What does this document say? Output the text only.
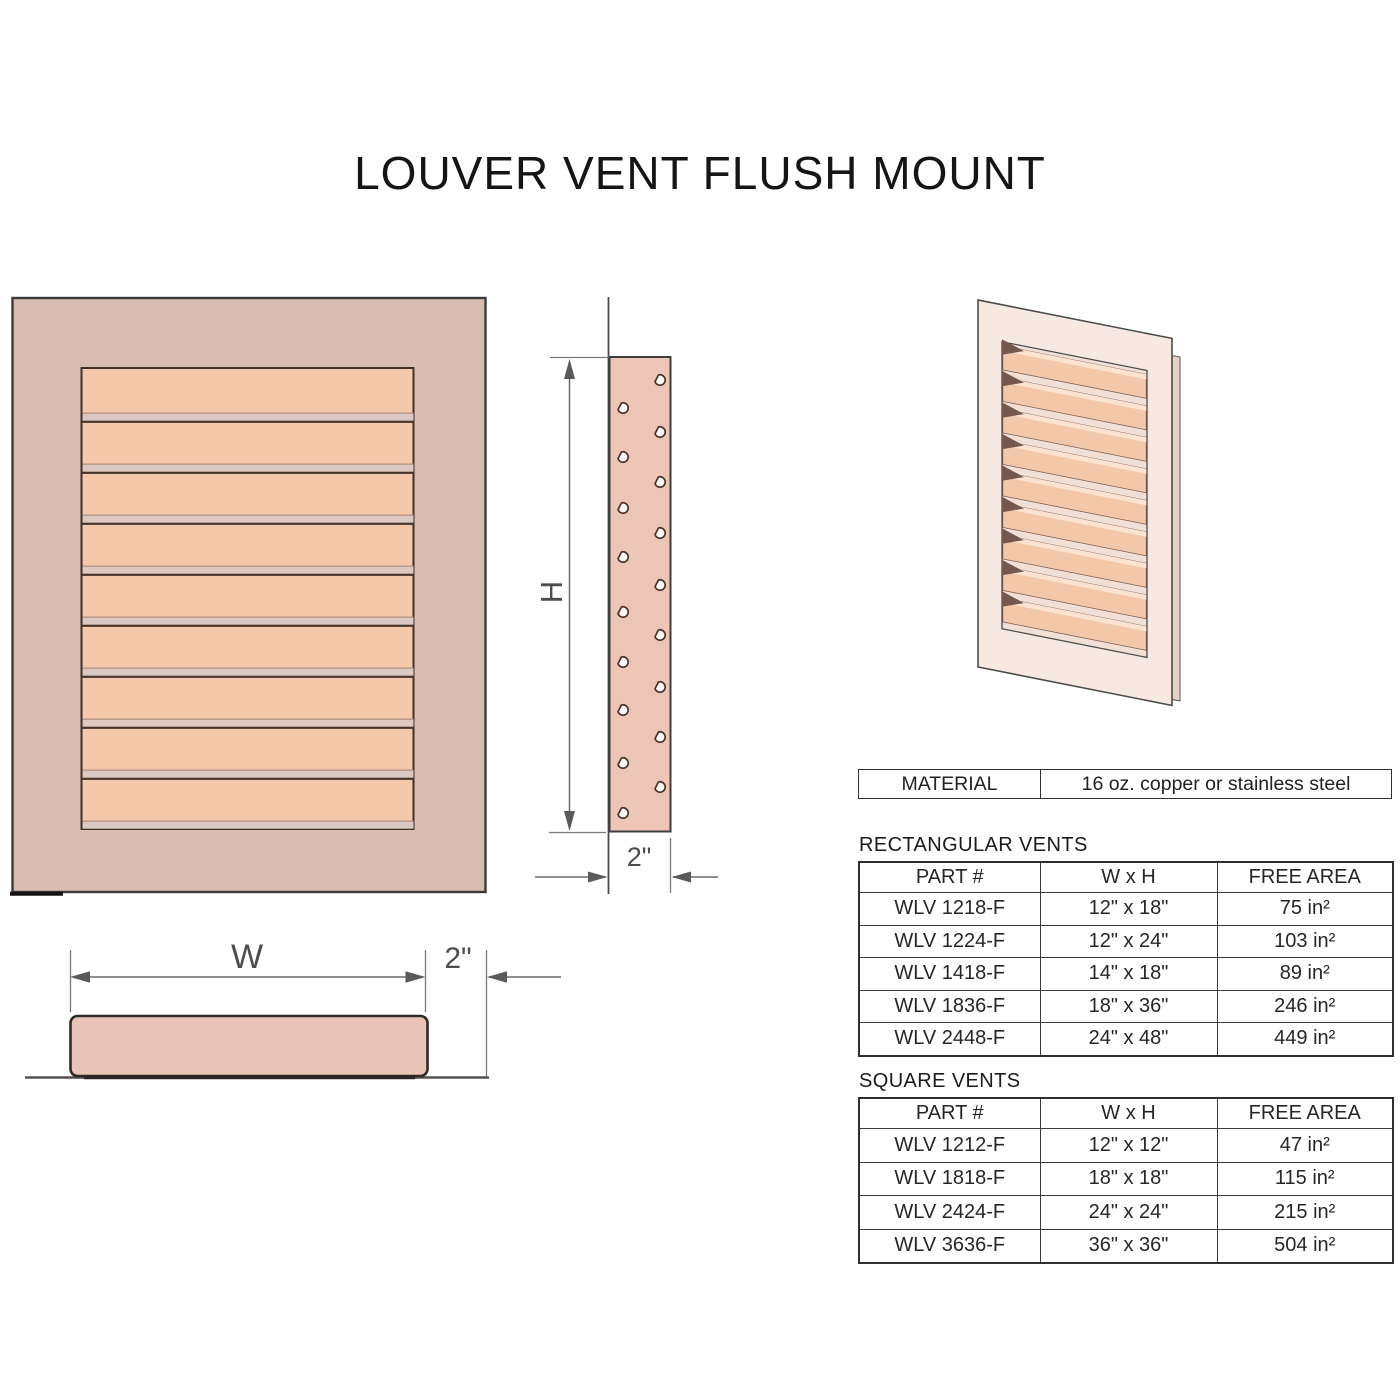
LOUVER VENT FLUSH MOUNT
H
2"
W	2"
MATERIAL	16 oz. copper or stainless steel
RECTANGULAR VENTS
PART #	W x H	FREE AREA
WLV 1218-F	12" x 18"	75 in²
WLV 1224-F	12" x 24"	103 in²
WLV 1418-F	14" x 18"	89 in²
WLV 1836-F	18" x 36"	246 in²
WLV 2448-F	24" x 48"	449 in²
SQUARE VENTS
PART #	W x H	FREE AREA
WLV 1212-F	12" x 12"	47 in²
WLV 1818-F	18" x 18"	115 in²
WLV 2424-F	24" x 24"	215 in²
WLV 3636-F	36" x 36"	504 in²
